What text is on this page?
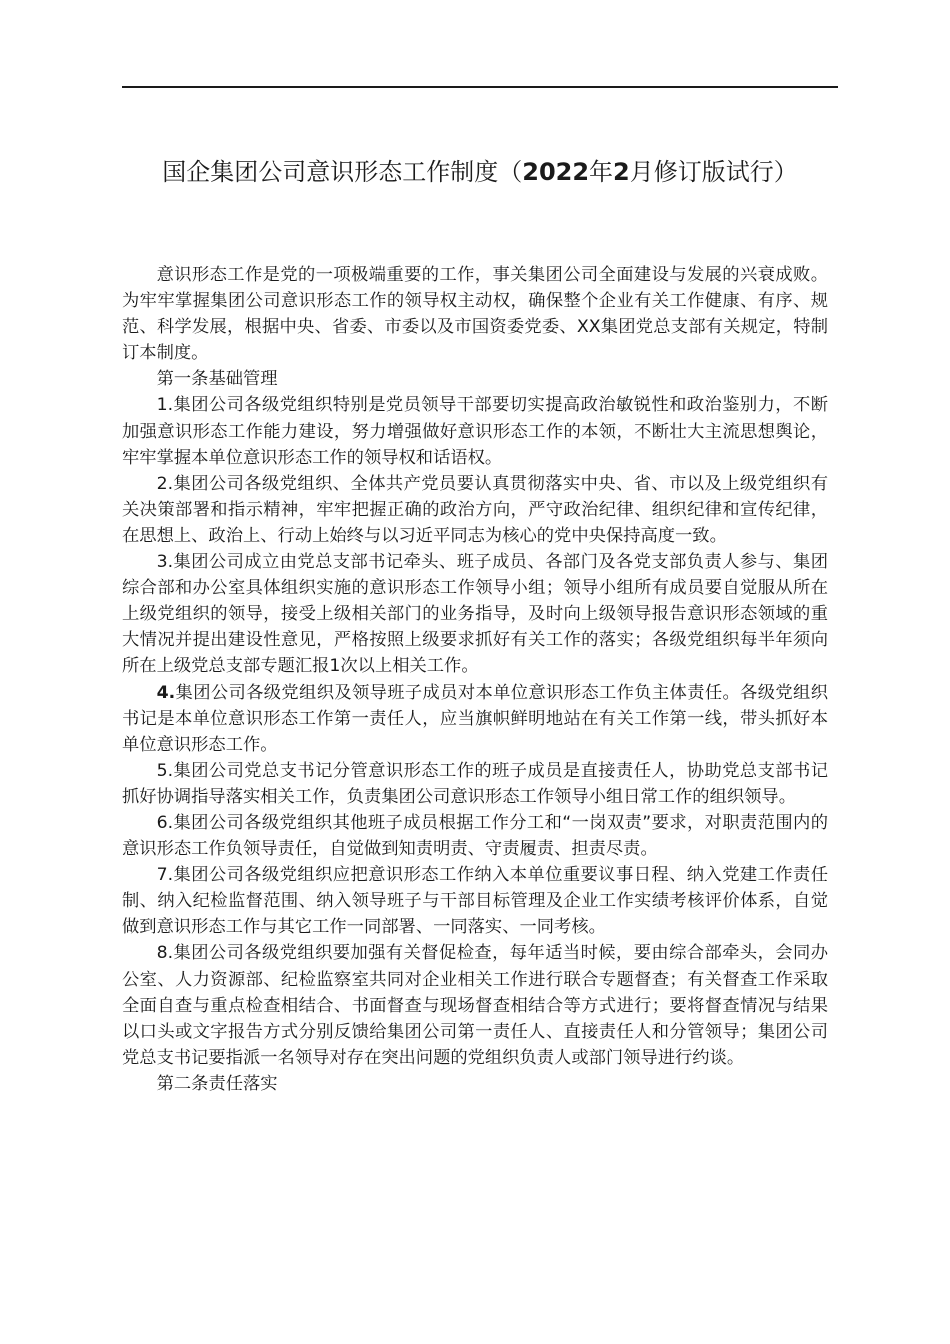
国企集团公司意识形态工作制度（2022年2月修订版试行）

意识形态工作是党的一项极端重要的工作，事关集团公司全面建设与发展的兴衰成败。为牢牢掌握集团公司意识形态工作的领导权主动权，确保整个企业有关工作健康、有序、规范、科学发展，根据中央、省委、市委以及市国资委党委、XX集团党总支部有关规定，特制订本制度。

第一条基础管理

1.集团公司各级党组织特别是党员领导干部要切实提高政治敏锐性和政治鉴别力，不断加强意识形态工作能力建设，努力增强做好意识形态工作的本领，不断壮大主流思想舆论，牢牢掌握本单位意识形态工作的领导权和话语权。

2.集团公司各级党组织、全体共产党员要认真贯彻落实中央、省、市以及上级党组织有关决策部署和指示精神，牢牢把握正确的政治方向，严守政治纪律、组织纪律和宣传纪律，在思想上、政治上、行动上始终与以习近平同志为核心的党中央保持高度一致。

3.集团公司成立由党总支部书记牵头、班子成员、各部门及各党支部负责人参与、集团综合部和办公室具体组织实施的意识形态工作领导小组；领导小组所有成员要自觉服从所在上级党组织的领导，接受上级相关部门的业务指导，及时向上级领导报告意识形态领域的重大情况并提出建设性意见，严格按照上级要求抓好有关工作的落实；各级党组织每半年须向所在上级党总支部专题汇报1次以上相关工作。

4.集团公司各级党组织及领导班子成员对本单位意识形态工作负主体责任。各级党组织书记是本单位意识形态工作第一责任人，应当旗帜鲜明地站在有关工作第一线，带头抓好本单位意识形态工作。

5.集团公司党总支书记分管意识形态工作的班子成员是直接责任人，协助党总支部书记抓好协调指导落实相关工作，负责集团公司意识形态工作领导小组日常工作的组织领导。

6.集团公司各级党组织其他班子成员根据工作分工和“一岗双责”要求，对职责范围内的意识形态工作负领导责任，自觉做到知责明责、守责履责、担责尽责。

7.集团公司各级党组织应把意识形态工作纳入本单位重要议事日程、纳入党建工作责任制、纳入纪检监督范围、纳入领导班子与干部目标管理及企业工作实绩考核评价体系，自觉做到意识形态工作与其它工作一同部署、一同落实、一同考核。

8.集团公司各级党组织要加强有关督促检查，每年适当时候，要由综合部牵头，会同办公室、人力资源部、纪检监察室共同对企业相关工作进行联合专题督查；有关督查工作采取全面自查与重点检查相结合、书面督查与现场督查相结合等方式进行；要将督查情况与结果以口头或文字报告方式分别反馈给集团公司第一责任人、直接责任人和分管领导；集团公司党总支书记要指派一名领导对存在突出问题的党组织负责人或部门领导进行约谈。

第二条责任落实
